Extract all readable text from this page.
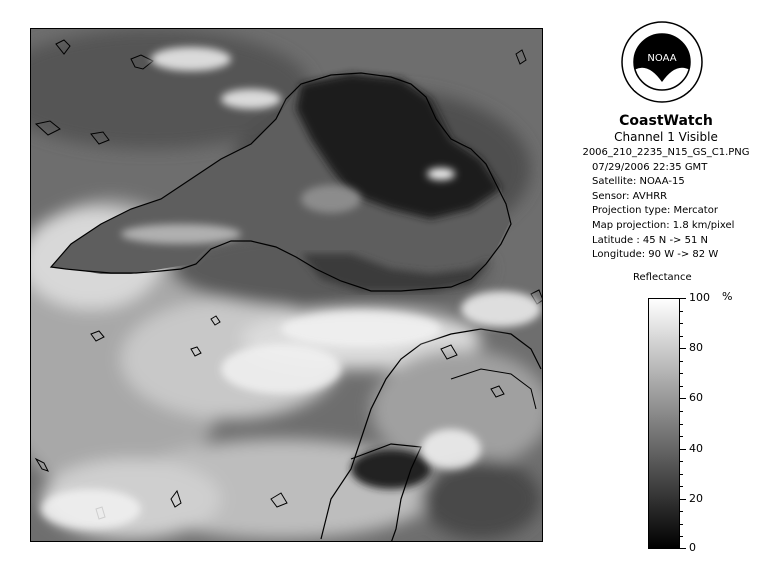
NOAA
CoastWatch
Channel 1 Visible
2006_210_2235_N15_GS_C1.PNG
07/29/2006 22:35 GMT
Satellite: NOAA-15
Sensor: AVHRR
Projection type: Mercator
Map projection: 1.8 km/pixel
Latitude : 45 N -> 51 N
Longitude: 90 W -> 82 W
Reflectance
%
100
80
60
40
20
0
